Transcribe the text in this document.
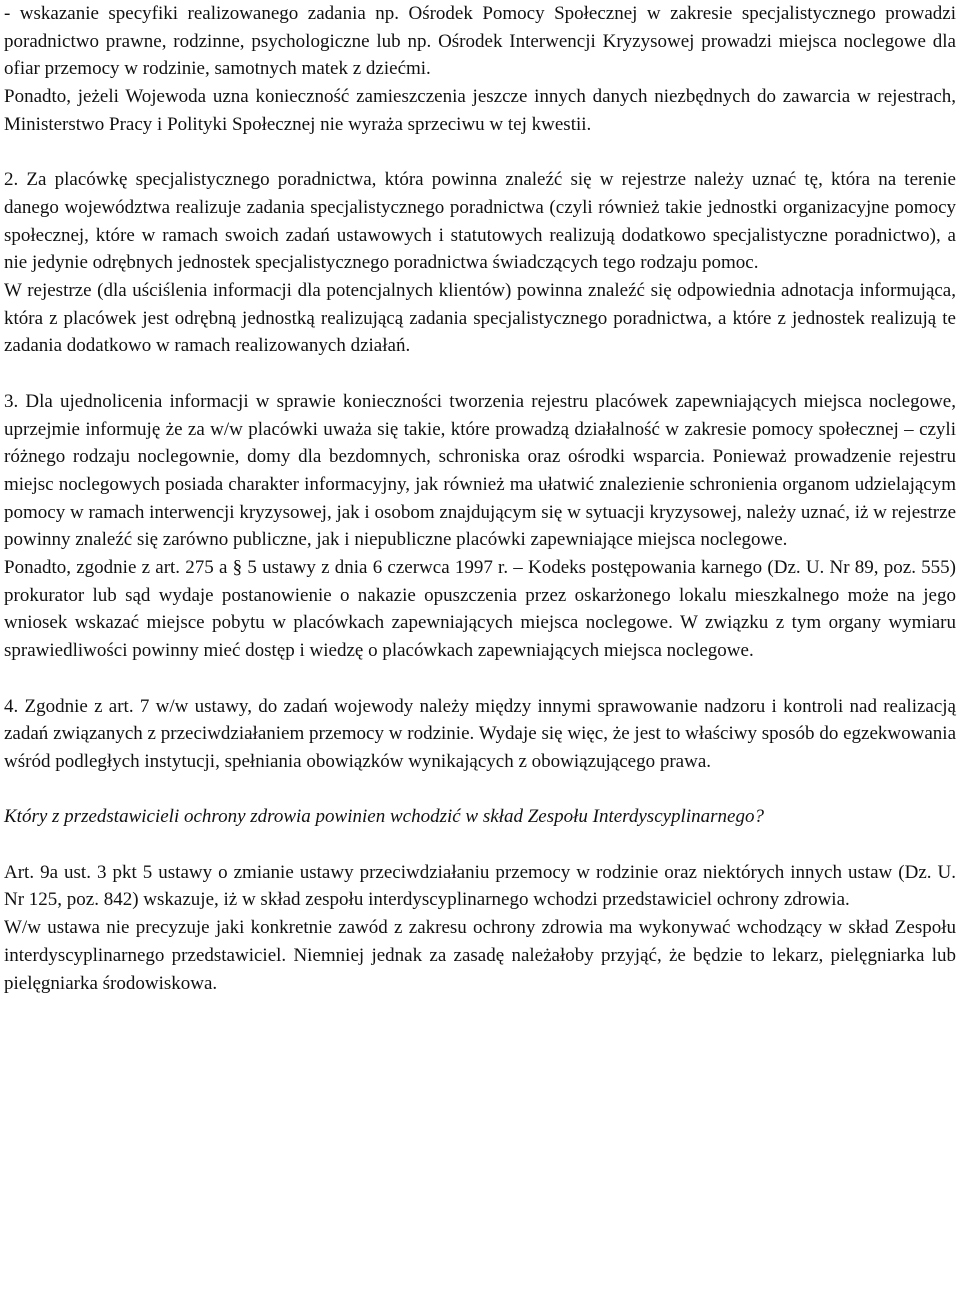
- wskazanie specyfiki realizowanego zadania np. Ośrodek Pomocy Społecznej w zakresie specjalistycznego prowadzi poradnictwo prawne, rodzinne, psychologiczne lub np. Ośrodek Interwencji Kryzysowej prowadzi miejsca noclegowe dla ofiar przemocy w rodzinie, samotnych matek z dziećmi.

Ponadto, jeżeli Wojewoda uzna konieczność zamieszczenia jeszcze innych danych niezbędnych do zawarcia w rejestrach, Ministerstwo Pracy i Polityki Społecznej nie wyraża sprzeciwu w tej kwestii.

2. Za placówkę specjalistycznego poradnictwa, która powinna znaleźć się w rejestrze należy uznać tę, która na terenie danego województwa realizuje zadania specjalistycznego poradnictwa (czyli również takie jednostki organizacyjne pomocy społecznej, które w ramach swoich zadań ustawowych i statutowych realizują dodatkowo specjalistyczne poradnictwo), a nie jedynie odrębnych jednostek specjalistycznego poradnictwa świadczących tego rodzaju pomoc.

W rejestrze (dla uściślenia informacji dla potencjalnych klientów) powinna znaleźć się odpowiednia adnotacja informująca, która z placówek jest odrębną jednostką realizującą zadania specjalistycznego poradnictwa, a które z jednostek realizują te zadania dodatkowo w ramach realizowanych działań.

3. Dla ujednolicenia informacji w sprawie konieczności tworzenia rejestru placówek zapewniających miejsca noclegowe, uprzejmie informuję że za w/w placówki uważa się takie, które prowadzą działalność w zakresie pomocy społecznej – czyli różnego rodzaju noclegownie, domy dla bezdomnych, schroniska oraz ośrodki wsparcia. Ponieważ prowadzenie rejestru miejsc noclegowych posiada charakter informacyjny, jak również ma ułatwić znalezienie schronienia organom udzielającym pomocy w ramach interwencji kryzysowej, jak i osobom znajdującym się w sytuacji kryzysowej, należy uznać, iż w rejestrze powinny znaleźć się zarówno publiczne, jak i niepubliczne placówki zapewniające miejsca noclegowe.

Ponadto, zgodnie z art. 275 a § 5 ustawy z dnia 6 czerwca 1997 r. – Kodeks postępowania karnego (Dz. U. Nr 89, poz. 555) prokurator lub sąd wydaje postanowienie o nakazie opuszczenia przez oskarżonego lokalu mieszkalnego może na jego wniosek wskazać miejsce pobytu w placówkach zapewniających miejsca noclegowe. W związku z tym organy wymiaru sprawiedliwości powinny mieć dostęp i wiedzę o placówkach zapewniających miejsca noclegowe.

4. Zgodnie z art. 7 w/w ustawy, do zadań wojewody należy między innymi sprawowanie nadzoru i kontroli nad realizacją zadań związanych z przeciwdziałaniem przemocy w rodzinie. Wydaje się więc, że jest to właściwy sposób do egzekwowania wśród podległych instytucji, spełniania obowiązków wynikających z obowiązującego prawa.

Który z przedstawicieli ochrony zdrowia powinien wchodzić w skład Zespołu Interdyscyplinarnego?

Art. 9a ust. 3 pkt 5 ustawy o zmianie ustawy przeciwdziałaniu przemocy w rodzinie oraz niektórych innych ustaw (Dz. U. Nr 125, poz. 842) wskazuje, iż w skład zespołu interdyscyplinarnego wchodzi przedstawiciel ochrony zdrowia.

W/w ustawa nie precyzuje jaki konkretnie zawód z zakresu ochrony zdrowia ma wykonywać wchodzący w skład Zespołu interdyscyplinarnego przedstawiciel. Niemniej jednak za zasadę należałoby przyjąć, że będzie to lekarz, pielęgniarka lub pielęgniarka środowiskowa.
